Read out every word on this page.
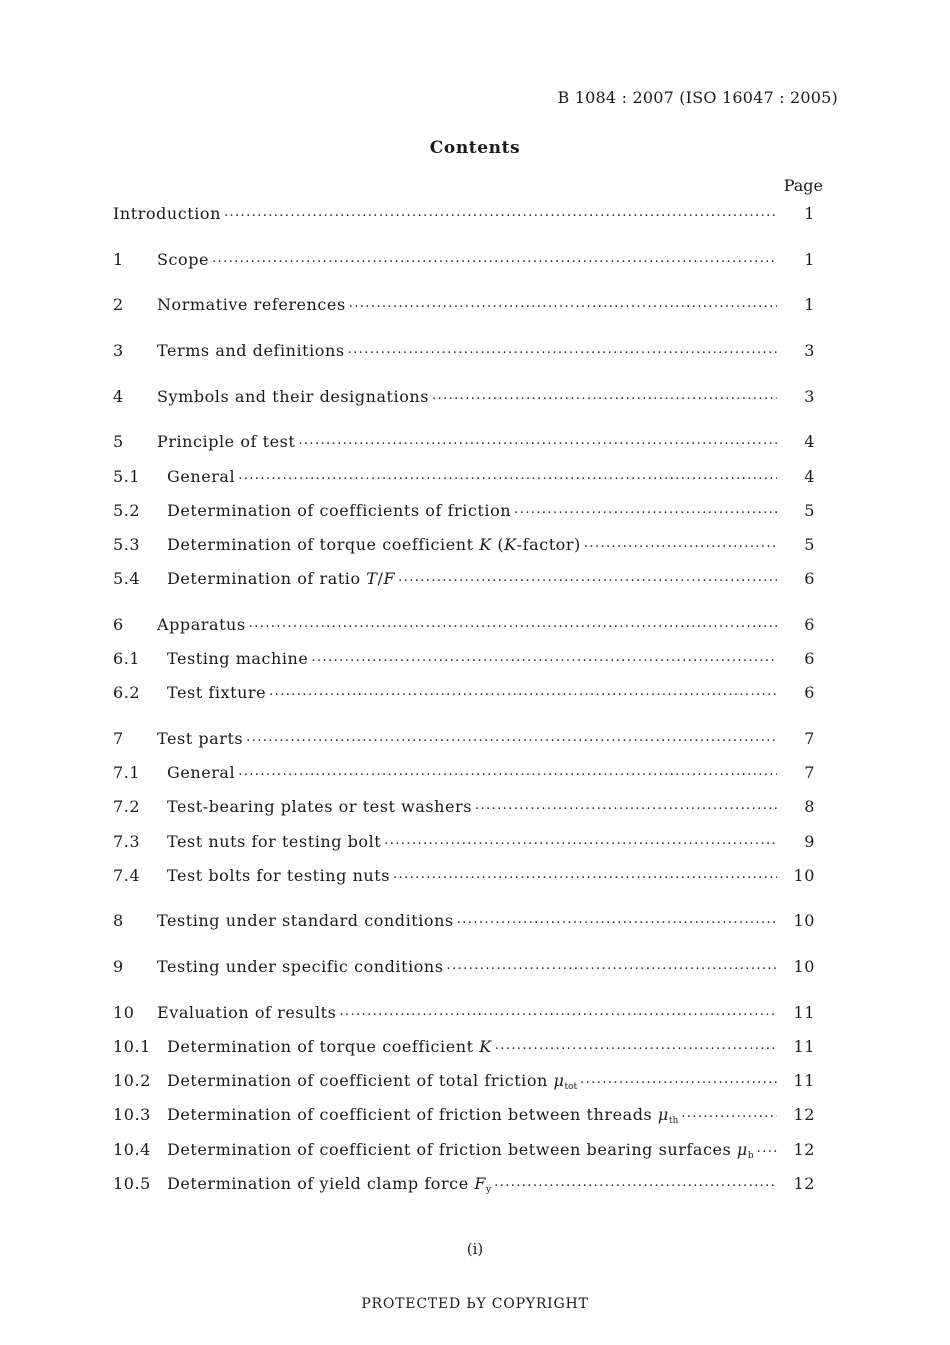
B 1084 : 2007 (ISO 16047 : 2005)
Contents
Page
Introduction .....	1
1	Scope .....	1
2	Normative references .....	1
3	Terms and definitions .....	3
4	Symbols and their designations .....	3
5	Principle of test .....	4
5.1	General .....	4
5.2	Determination of coefficients of friction .....	5
5.3	Determination of torque coefficient K (K-factor) .....	5
5.4	Determination of ratio T/F .....	6
6	Apparatus .....	6
6.1	Testing machine .....	6
6.2	Test fixture .....	6
7	Test parts .....	7
7.1	General .....	7
7.2	Test-bearing plates or test washers .....	8
7.3	Test nuts for testing bolt .....	9
7.4	Test bolts for testing nuts .....	10
8	Testing under standard conditions .....	10
9	Testing under specific conditions .....	10
10	Evaluation of results .....	11
10.1	Determination of torque coefficient K .....	11
10.2	Determination of coefficient of total friction $\mu_{tot}$ .....	11
10.3	Determination of coefficient of friction between threads $\mu_{th}$ .....	12
10.4	Determination of coefficient of friction between bearing surfaces $\mu_b$ .....	12
10.5	Determination of yield clamp force $F_y$ .....	12
(i)
PROTECTED ЬY COPYRIGHT
